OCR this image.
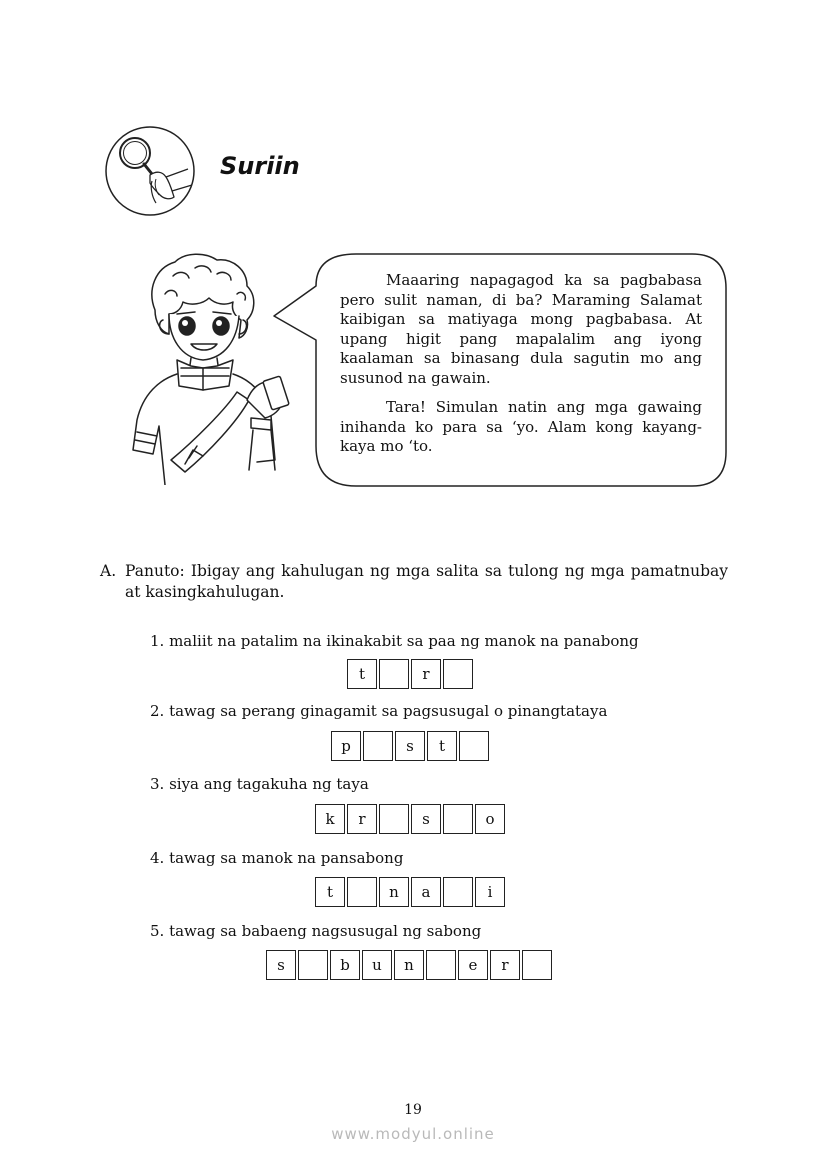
Suriin

Maaaring napagagod ka sa pagbabasa pero sulit naman, di ba? Maraming Salamat kaibigan sa matiyaga mong pagbabasa. At upang higit pang mapalalim ang iyong kaalaman sa binasang dula sagutin mo ang susunod na gawain.

Tara! Simulan natin ang mga gawaing inihanda ko para sa ‘yo. Alam kong kayang-kaya mo ‘to.

A. Panuto: Ibigay ang kahulugan ng mga salita sa tulong ng mga pamatnubay at kasingkahulugan.
1. maliit na patalim na ikinakabit sa paa ng manok na panabong
t	r
2. tawag sa perang ginagamit sa pagsusugal o pinangtataya
p	s	t
3. siya ang tagakuha ng taya
k	r	s	o
4. tawag sa manok na pansabong
t	n	a	i
5. tawag sa babaeng nagsusugal ng sabong
s	b	u	n	e	r
19
www.modyul.online
